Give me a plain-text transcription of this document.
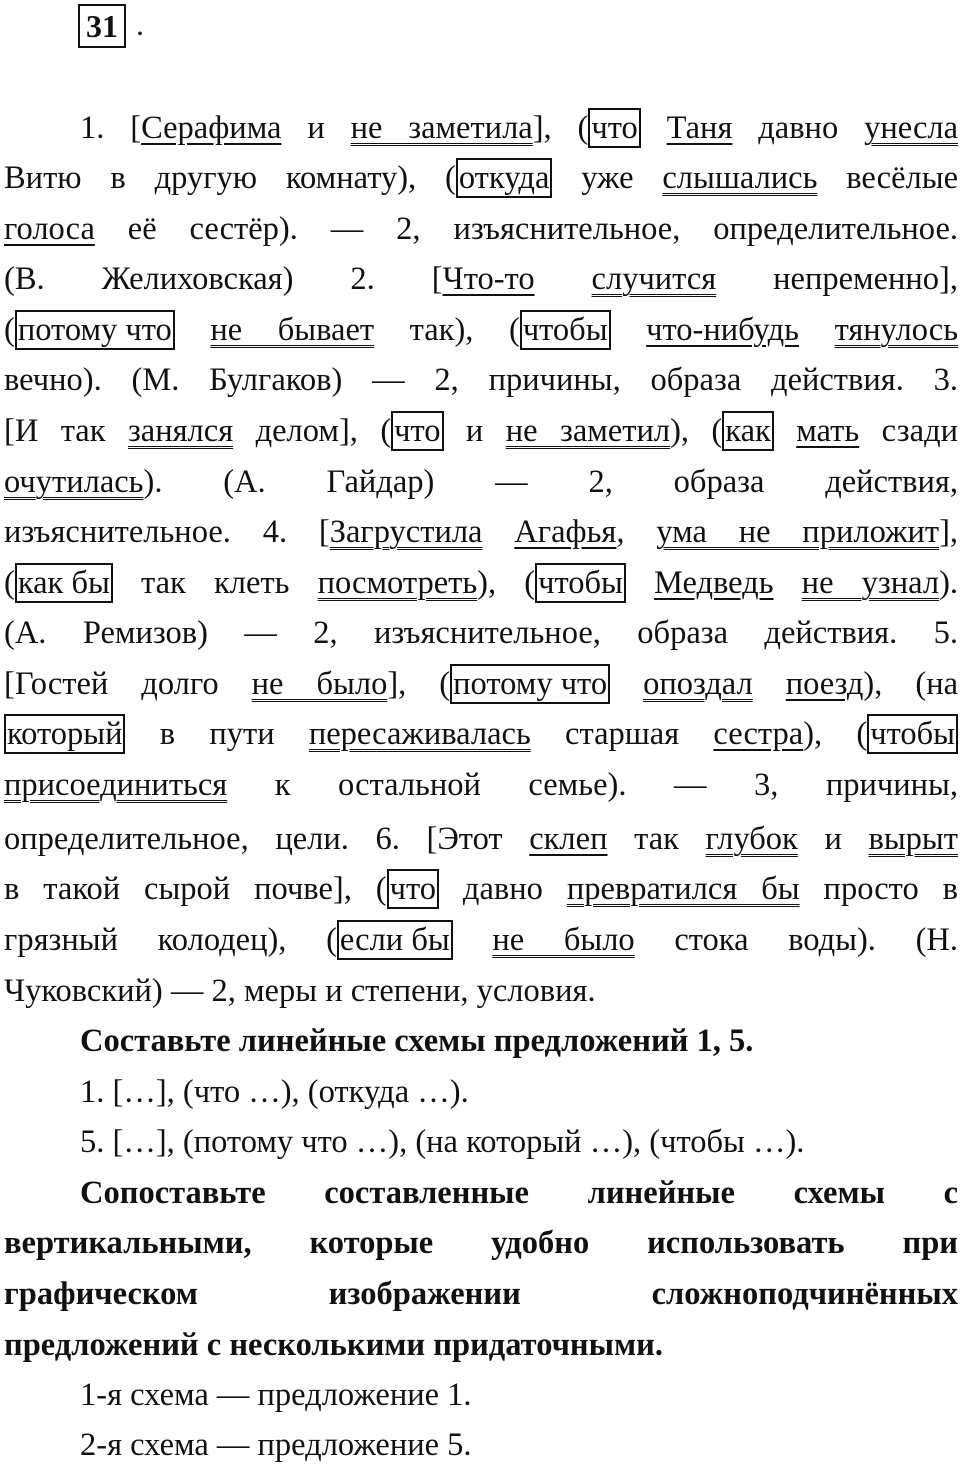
31 .
1. [Серафима и не заметила], (что Таня давно унесла
Витю в другую комнату), (откуда уже слышались весёлые
голоса её сестёр). — 2, изъяснительное, определительное.
(В. Желиховская) 2. [Что-то случится непременно],
(потому что не бывает так), (чтобы что-нибудь тянулось
вечно). (М. Булгаков) — 2, причины, образа действия. 3.
[И так занялся делом], (что и не заметил), (как мать сзади
очутилась). (А. Гайдар) — 2, образа действия,
изъяснительное. 4. [Загрустила Агафья, ума не приложит],
(как бы так клеть посмотреть), (чтобы Медведь не узнал).
(А. Ремизов) — 2, изъяснительное, образа действия. 5.
[Гостей долго не было], (потому что опоздал поезд), (на
который в пути пересаживалась старшая сестра), (чтобы
присоединиться к остальной семье). — 3, причины,
определительное, цели. 6. [Этот склеп так глубок и вырыт
в такой сырой почве], (что давно превратился бы просто в
грязный колодец), (если бы не было стока воды). (Н.
Чуковский) — 2, меры и степени, условия.
Составьте линейные схемы предложений 1, 5.
1. […], (что …), (откуда …).
5. […], (потому что …), (на который …), (чтобы …).
Сопоставьте составленные линейные схемы с
вертикальными, которые удобно использовать при
графическом изображении сложноподчинённых
предложений с несколькими придаточными.
1-я схема — предложение 1.
2-я схема — предложение 5.
